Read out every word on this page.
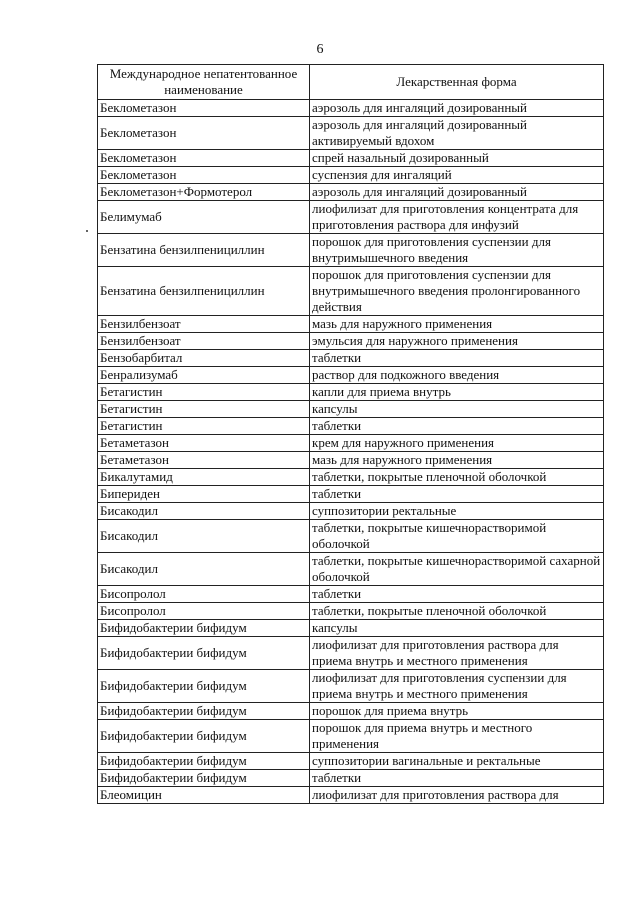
6
Международное непатентованное наименование	Лекарственная форма
Беклометазон	аэрозоль для ингаляций дозированный
Беклометазон	аэрозоль для ингаляций дозированный активируемый вдохом
Беклометазон	спрей назальный дозированный
Беклометазон	суспензия для ингаляций
Беклометазон+Формотерол	аэрозоль для ингаляций дозированный
Белимумаб	лиофилизат для приготовления концентрата для приготовления раствора для инфузий
Бензатина бензилпенициллин	порошок для приготовления суспензии для внутримышечного введения
Бензатина бензилпенициллин	порошок для приготовления суспензии для внутримышечного введения пролонгированного действия
Бензилбензоат	мазь для наружного применения
Бензилбензоат	эмульсия для наружного применения
Бензобарбитал	таблетки
Бенрализумаб	раствор для подкожного введения
Бетагистин	капли для приема внутрь
Бетагистин	капсулы
Бетагистин	таблетки
Бетаметазон	крем для наружного применения
Бетаметазон	мазь для наружного применения
Бикалутамид	таблетки, покрытые пленочной оболочкой
Бипериден	таблетки
Бисакодил	суппозитории ректальные
Бисакодил	таблетки, покрытые кишечнорастворимой оболочкой
Бисакодил	таблетки, покрытые кишечнорастворимой сахарной оболочкой
Бисопролол	таблетки
Бисопролол	таблетки, покрытые пленочной оболочкой
Бифидобактерии бифидум	капсулы
Бифидобактерии бифидум	лиофилизат для приготовления раствора для приема внутрь и местного применения
Бифидобактерии бифидум	лиофилизат для приготовления суспензии для приема внутрь и местного применения
Бифидобактерии бифидум	порошок для приема внутрь
Бифидобактерии бифидум	порошок для приема внутрь и местного применения
Бифидобактерии бифидум	суппозитории вагинальные и ректальные
Бифидобактерии бифидум	таблетки
Блеомицин	лиофилизат для приготовления раствора для
